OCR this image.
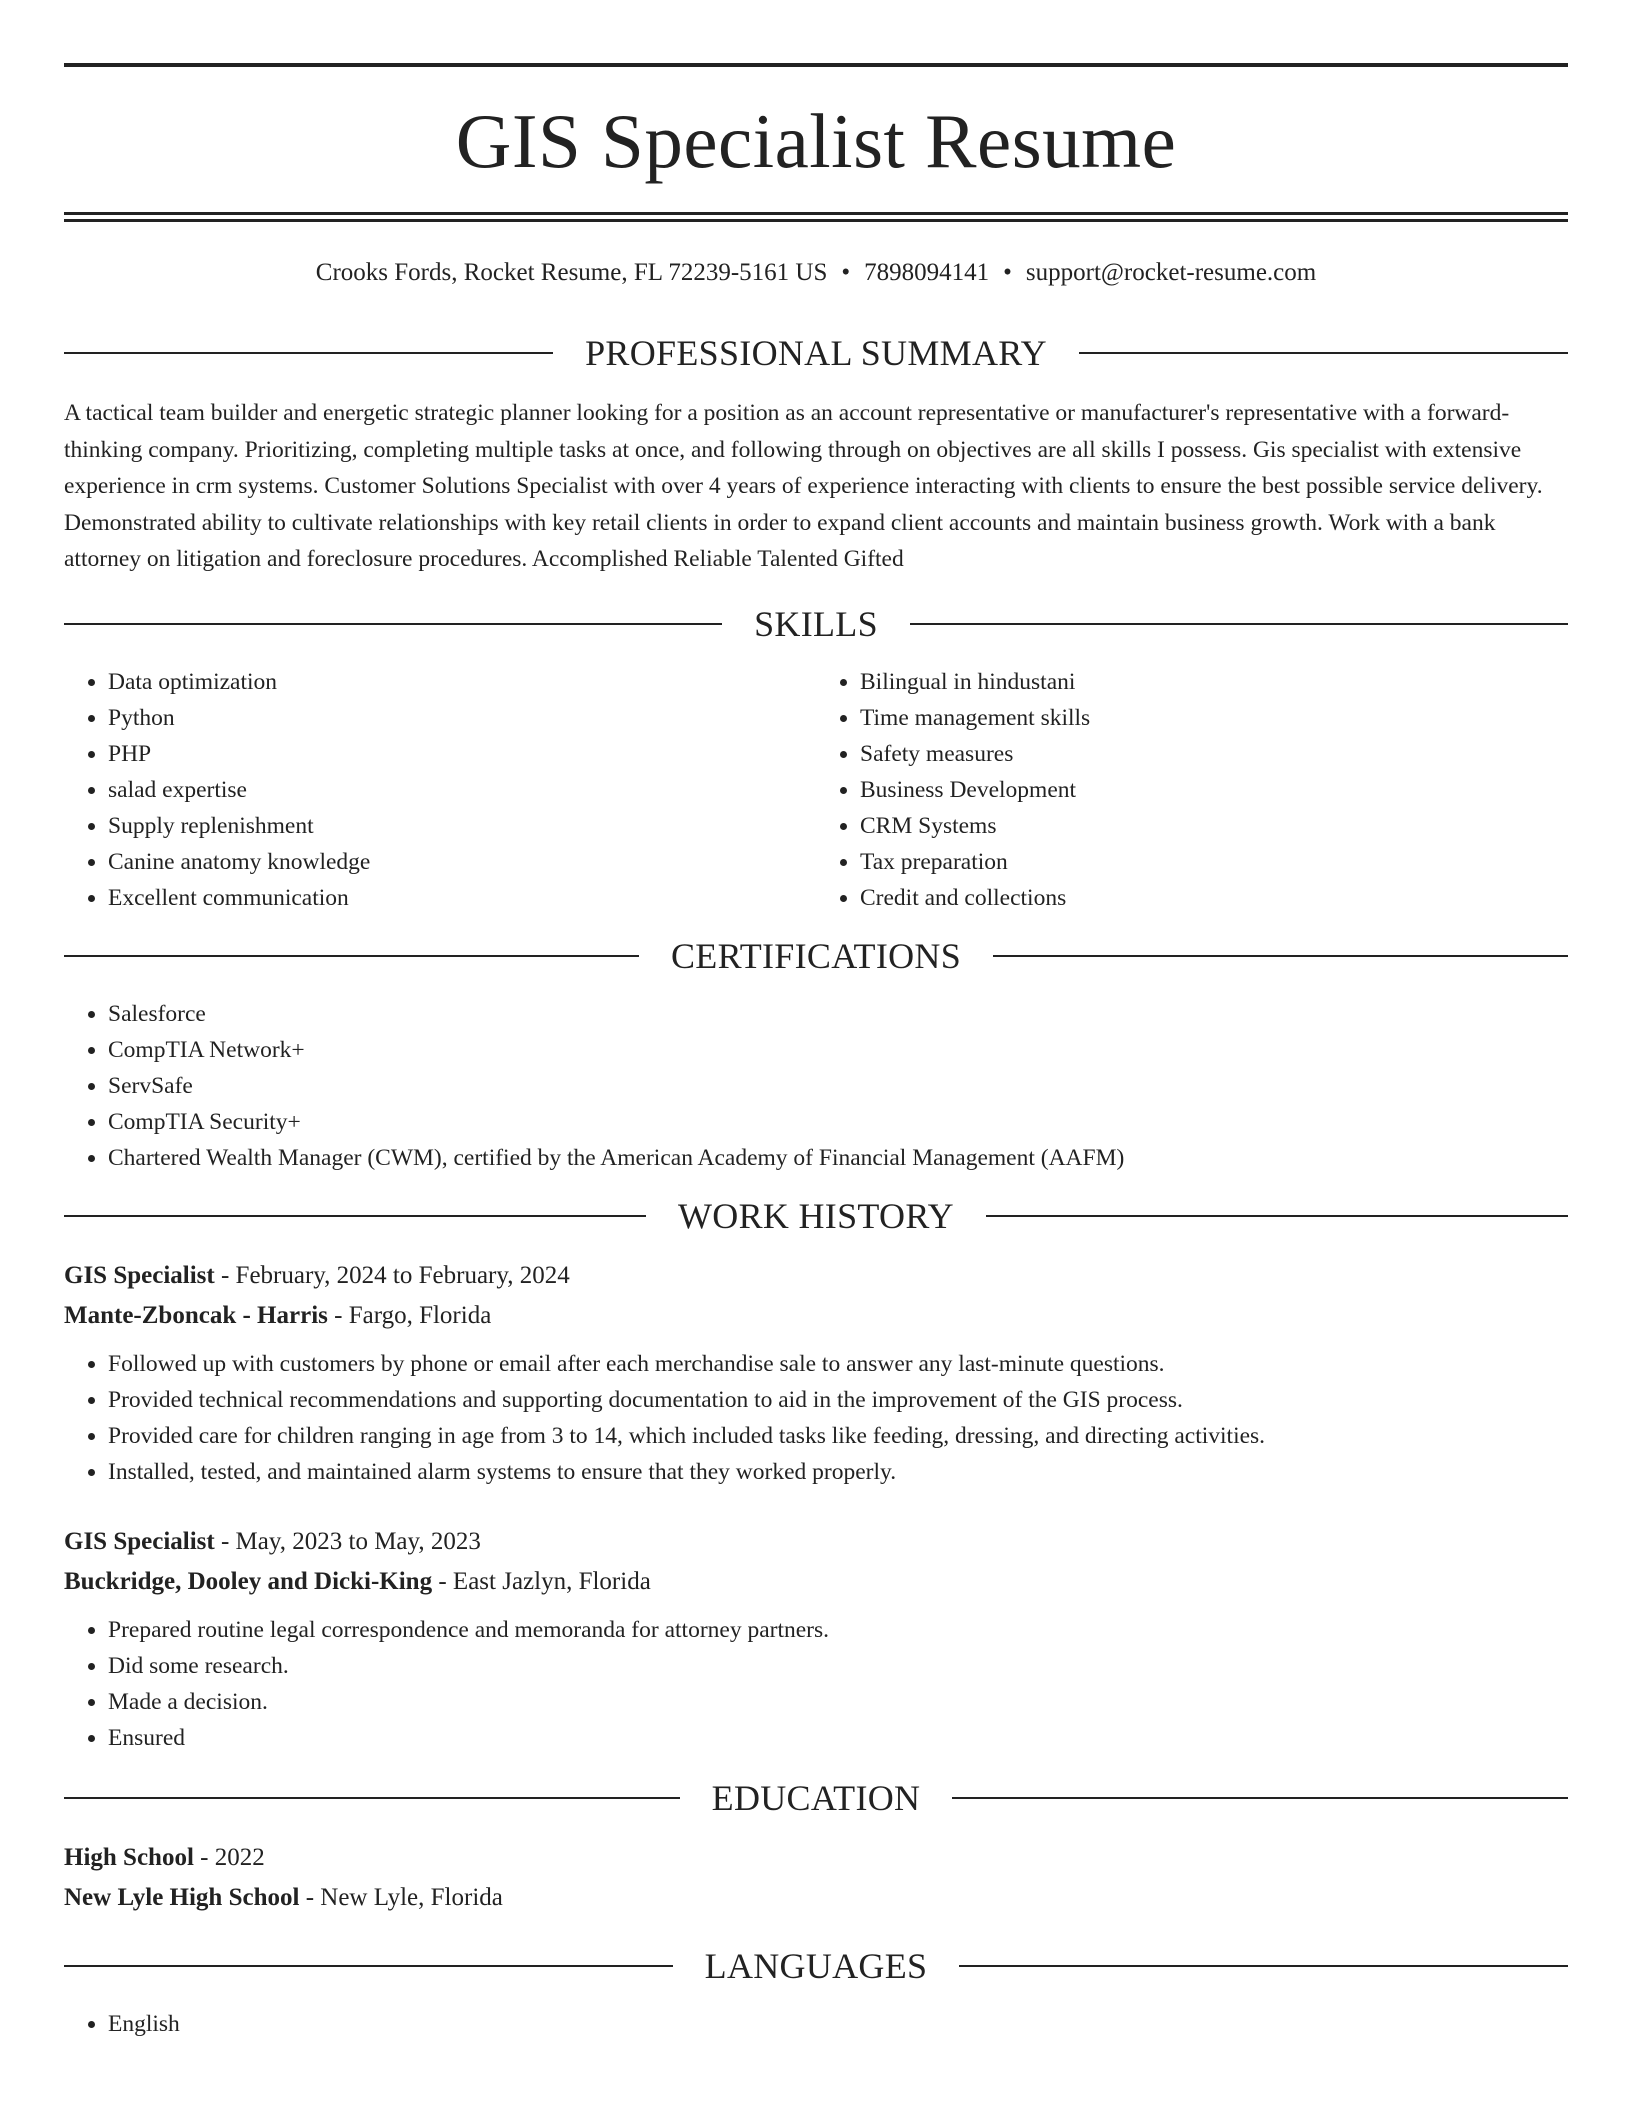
GIS Specialist Resume
Crooks Fords, Rocket Resume, FL 72239-5161 US • 7898094141 • support@rocket-resume.com
PROFESSIONAL SUMMARY

A tactical team builder and energetic strategic planner looking for a position as an account representative or manufacturer's representative with a forward-thinking company. Prioritizing, completing multiple tasks at once, and following through on objectives are all skills I possess. Gis specialist with extensive experience in crm systems. Customer Solutions Specialist with over 4 years of experience interacting with clients to ensure the best possible service delivery. Demonstrated ability to cultivate relationships with key retail clients in order to expand client accounts and maintain business growth. Work with a bank attorney on litigation and foreclosure procedures. Accomplished Reliable Talented Gifted

SKILLS
• Data optimization
• Python
• PHP
• salad expertise
• Supply replenishment
• Canine anatomy knowledge
• Excellent communication
• Bilingual in hindustani
• Time management skills
• Safety measures
• Business Development
• CRM Systems
• Tax preparation
• Credit and collections
CERTIFICATIONS
• Salesforce
• CompTIA Network+
• ServSafe
• CompTIA Security+
• Chartered Wealth Manager (CWM), certified by the American Academy of Financial Management (AAFM)
WORK HISTORY
GIS Specialist - February, 2024 to February, 2024
Mante-Zboncak - Harris - Fargo, Florida
• Followed up with customers by phone or email after each merchandise sale to answer any last-minute questions.
• Provided technical recommendations and supporting documentation to aid in the improvement of the GIS process.
• Provided care for children ranging in age from 3 to 14, which included tasks like feeding, dressing, and directing activities.
• Installed, tested, and maintained alarm systems to ensure that they worked properly.
GIS Specialist - May, 2023 to May, 2023
Buckridge, Dooley and Dicki-King - East Jazlyn, Florida
• Prepared routine legal correspondence and memoranda for attorney partners.
• Did some research.
• Made a decision.
• Ensured
EDUCATION
High School - 2022
New Lyle High School - New Lyle, Florida
LANGUAGES
• English
